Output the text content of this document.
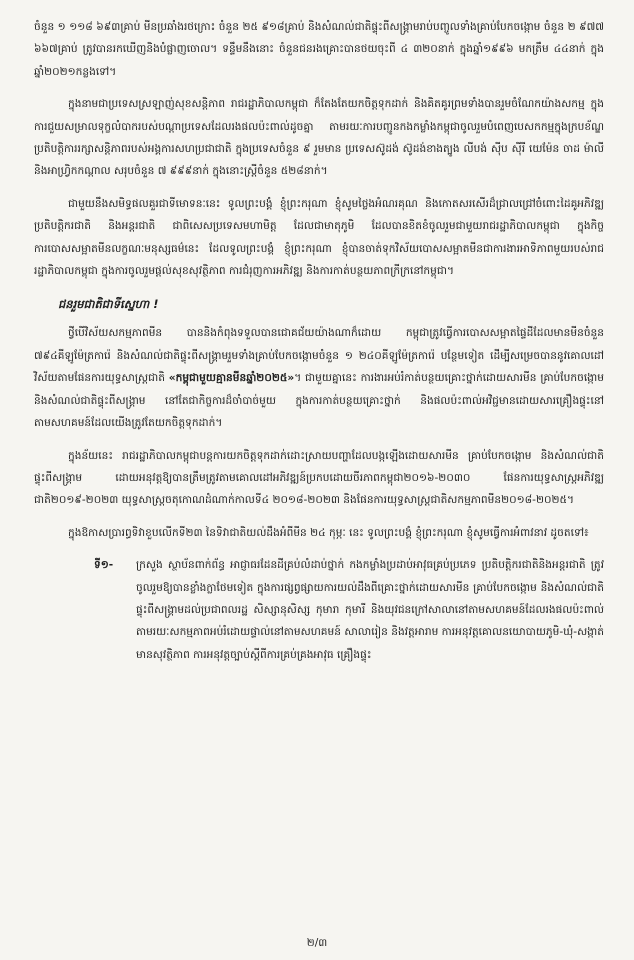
ចំនួន ១ ១១៨ ៦៩៣គ្រាប់ មីនប្រឆាំងរថក្រោះ ចំនួន ២៥ ៩១៨គ្រាប់ និងសំណល់ជាតិផ្ទុះពីសង្គ្រាមរាប់បញ្ចូលទាំងគ្រាប់បែកចង្កោម ចំនួន ២ ៩៧៧ ៦៦៧គ្រាប់ ត្រូវបានរកឃើញនិងបំផ្លាញចោល។ ទន្ទឹមនឹងនោះ ចំនួនជនរងគ្រោះបានថយចុះពី ៤ ៣២០នាក់ ក្នុងឆ្នាំ១៩៩៦ មកត្រឹម ៤៤នាក់ ក្នុងឆ្នាំ២០២១កន្លងទៅ។

ក្នុងនាមជាប្រទេសស្រឡាញ់សុខសន្តិភាព រាជរដ្ឋាភិបាលកម្ពុជា ក៏តែងតែយកចិត្តទុកដាក់ និងគិតគូរព្រមទាំងបានរួមចំណែកយ៉ាងសកម្ម ក្នុងការជួយសម្រាលទុក្ខលំបាករបស់បណ្តាប្រទេសដែលរងផលប៉ះពាល់ដូចគ្នា តាមរយៈការបញ្ជូនកងកម្លាំងកម្ពុជាចូលរួមបំពេញបេសកកម្មក្នុងក្របខ័ណ្ឌប្រតិបត្តិការរក្សាសន្តិភាពរបស់អង្គការសហប្រជាជាតិ ក្នុងប្រទេសចំនួន ៩ រួមមាន ប្រទេសស៊ូដង់ ស៊ូដង់ខាងត្បូង លីបង់ ស៊ីប ស៊ីរី យេម៉ែន ចាដ ម៉ាលី និងអាហ្វ្រិកកណ្តាល សរុបចំនួន ៧ ៩៩៩នាក់ ក្នុងនោះស្ត្រីចំនួន ៥២៨នាក់។

ជាមួយនឹងសមិទ្ធផលគួរជាទីមោទនៈនេះ ទូលព្រះបង្គំ ខ្ញុំព្រះករុណា ខ្ញុំសូមថ្លៃងអំណរគុណ និងកោតសរសើរដ៏ជ្រាលជ្រៅចំពោះដៃគូអភិវឌ្ឍ ប្រតិបត្តិករជាតិ និងអន្តរជាតិ ជាពិសេសប្រទេសមហាមិត្ត ដែលជាមាតុភូមិ ដែលបានខិតខំចូលរួមជាមួយរាជរដ្ឋាភិបាលកម្ពុជា ក្នុងកិច្ចការបោសសម្អាតមីនលក្ខណៈមនុស្សធម៌នេះ ដែលទូលព្រះបង្គំ ខ្ញុំព្រះករុណា ខ្ញុំបានចាត់ទុកវិស័យបោសសម្អាតមីនជាការងារអាទិភាពមួយរបស់រាជរដ្ឋាភិបាលកម្ពុជា ក្នុងការចូលរួមផ្តល់សុខសុវត្ថិភាព ការជំរុញការអភិវឌ្ឍ និងការកាត់បន្ថយភាពក្រីក្រនៅកម្ពុជា។

ជនរួមជាតិជាទីស្នេហា !

ថ្វីបើវិស័យសកម្មភាពមីន បាននិងកំពុងទទួលបានជោគជ័យយ៉ាងណាក៏ដោយ កម្ពុជាត្រូវធ្វើការបោសសម្អាតផ្ទៃដីដែលមានមីនចំនួន ៧៩៤គីឡូម៉ែត្រការ៉េ និងសំណល់ជាតិផ្ទុះពីសង្គ្រាមរួមទាំងគ្រាប់បែកចង្កោមចំនួន ១ ២៤០គីឡូម៉ែត្រការ៉េ បន្ថែមទៀត ដើម្បីសម្រេចបាននូវគោលដៅវិស័យតាមផែនការយុទ្ធសាស្ត្រជាតិ «កម្ពុជាមួយគ្មានមីនឆ្នាំ២០២៥»។ ជាមួយគ្នានេះ ការងារអប់រំកាត់បន្ថយគ្រោះថ្នាក់ដោយសារមីន គ្រាប់បែកចង្កោមនិងសំណល់ជាតិផ្ទុះពីសង្គ្រាម នៅតែជាកិច្ចការដ៏ចាំបាច់មួយ ក្នុងការកាត់បន្ថយគ្រោះថ្នាក់ និងផលប៉ះពាល់អវិជ្ជមានដោយសារគ្រឿងផ្ទុះនៅតាមសហគមន៍ដែលយើងត្រូវតែយកចិត្តទុកដាក់។

ក្នុងន័យនេះ រាជរដ្ឋាភិបាលកម្ពុជាបន្តការយកចិត្តទុកដាក់ដោះស្រាយបញ្ហាដែលបង្កឡើងដោយសារមីន គ្រាប់បែកចង្កោម និងសំណល់ជាតិផ្ទុះពីសង្គ្រាម ដោយអនុវត្តឱ្យបានត្រឹមត្រូវតាមគោលដៅអភិវឌ្ឍន៍ប្រកបដោយចីរភាពកម្ពុជា២០១៦-២០៣០ ផែនការយុទ្ធសាស្ត្រអភិវឌ្ឍជាតិ២០១៩-២០២៣ យុទ្ធសាស្ត្រចតុកោណដំណាក់កាលទី៤ ២០១៨-២០២៣ និងផែនការយុទ្ធសាស្ត្រជាតិសកម្មភាពមីន២០១៨-២០២៥។

ក្នុងឱកាសប្រារព្ធទិវាខួបលើកទី២៣ នៃទិវាជាតិយល់ដឹងអំពីមីន ២៤ កុម្ភៈ នេះ ទូលព្រះបង្គំ ខ្ញុំព្រះករុណា ខ្ញុំសូមធ្វើការអំពាវនាវ ដូចតទៅ៖

ទី១-	ក្រសួង ស្ថាប័នពាក់ព័ន្ធ អាជ្ញាធរដែនដីគ្រប់លំដាប់ថ្នាក់ កងកម្លាំងប្រដាប់អាវុធគ្រប់ប្រភេទ ប្រតិបត្តិករជាតិនិងអន្តរជាតិ ត្រូវចូលរួមឱ្យបានខ្លាំងក្លាថែមទៀត ក្នុងការផ្សព្វផ្សាយការយល់ដឹងពីគ្រោះថ្នាក់ដោយសារមីន គ្រាប់បែកចង្កោម និងសំណល់ជាតិផ្ទុះពីសង្គ្រាមដល់ប្រជាពលរដ្ឋ សិស្សានុសិស្ស កុមារា កុមារី និងយុវជនក្រៅសាលានៅតាមសហគមន៍ដែលរងផលប៉ះពាល់ តាមរយៈសកម្មភាពអប់រំដោយផ្ទាល់នៅតាមសហគមន៍ សាលារៀន និងវត្តអារាម ការអនុវត្តគោលនយោបាយភូមិ-ឃុំ-សង្កាត់មានសុវត្ថិភាព ការអនុវត្តច្បាប់ស្តីពីការគ្រប់គ្រងអាវុធ គ្រឿងផ្ទុះ

២/៣
